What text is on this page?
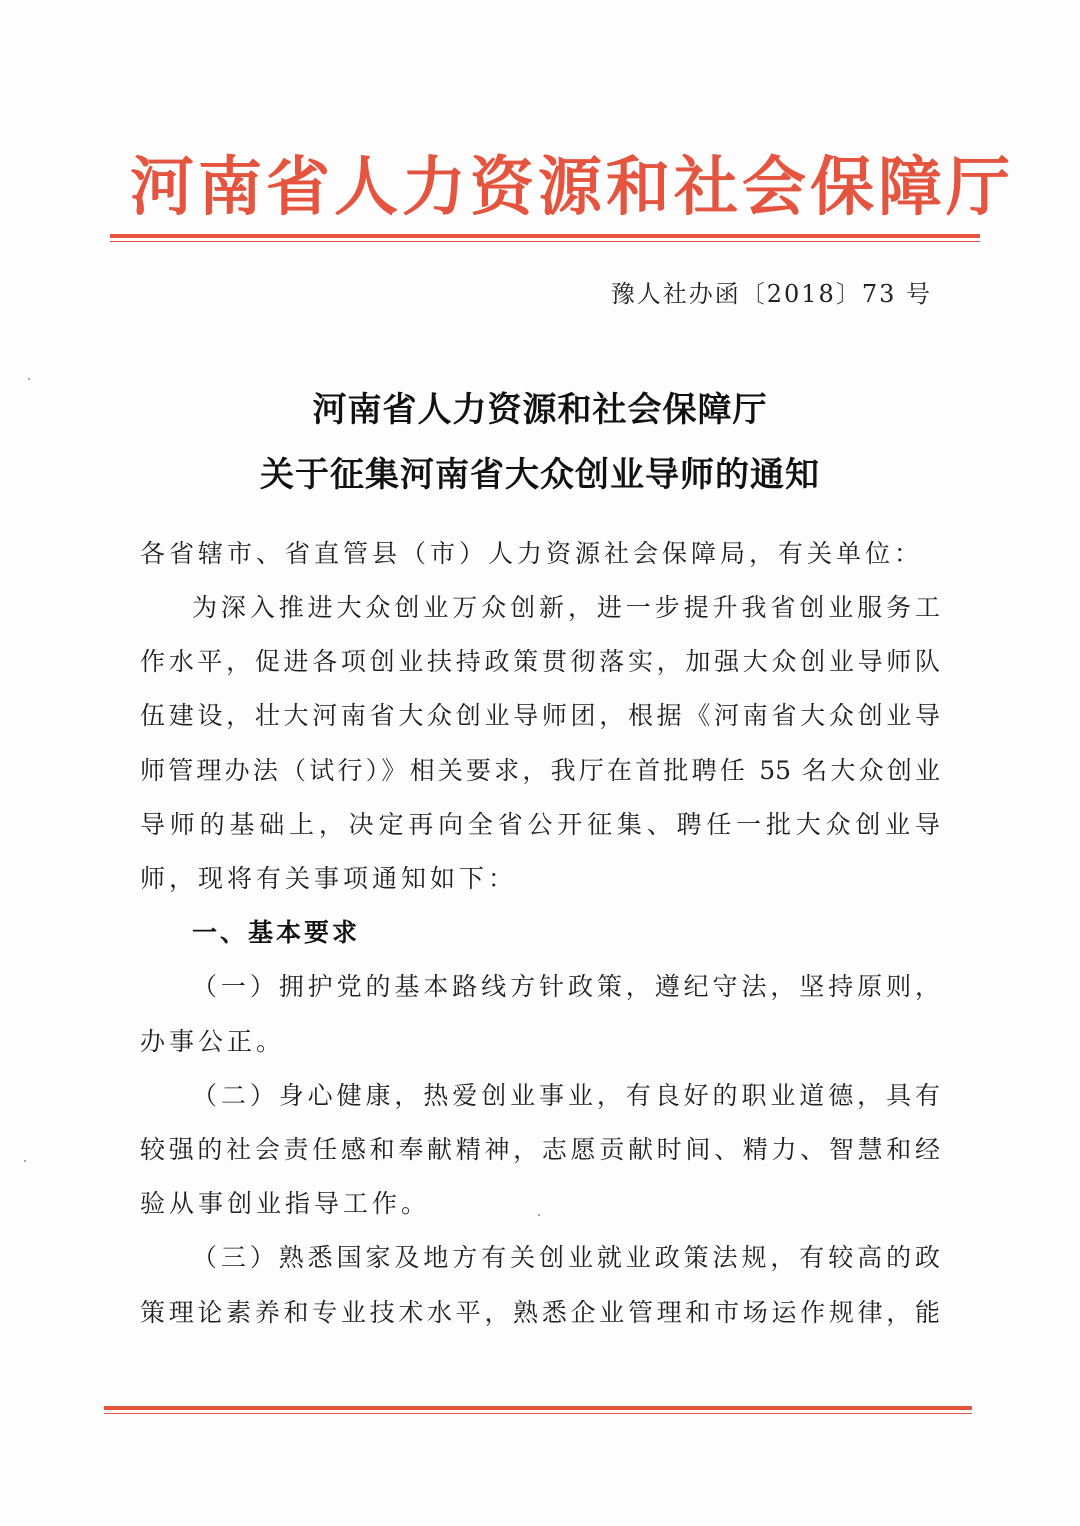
河南省人力资源和社会保障厅
豫人社办函〔2018〕73 号
河南省人力资源和社会保障厅
关于征集河南省大众创业导师的通知
各省辖市、省直管县（市）人力资源社会保障局，有关单位：
为深入推进大众创业万众创新，进一步提升我省创业服务工
作水平，促进各项创业扶持政策贯彻落实，加强大众创业导师队
伍建设，壮大河南省大众创业导师团，根据《河南省大众创业导
师管理办法（试行）》相关要求，我厅在首批聘任 55 名大众创业
导师的基础上，决定再向全省公开征集、聘任一批大众创业导
师，现将有关事项通知如下：
一、基本要求
（一）拥护党的基本路线方针政策，遵纪守法，坚持原则，
办事公正。
（二）身心健康，热爱创业事业，有良好的职业道德，具有
较强的社会责任感和奉献精神，志愿贡献时间、精力、智慧和经
验从事创业指导工作。
（三）熟悉国家及地方有关创业就业政策法规，有较高的政
策理论素养和专业技术水平，熟悉企业管理和市场运作规律，能
